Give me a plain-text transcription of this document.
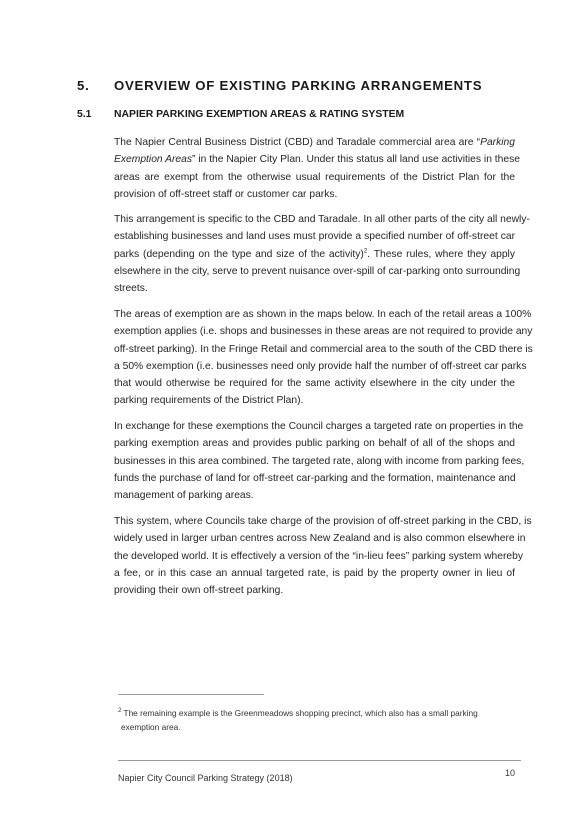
5. OVERVIEW OF EXISTING PARKING ARRANGEMENTS
5.1 NAPIER PARKING EXEMPTION AREAS & RATING SYSTEM
The Napier Central Business District (CBD) and Taradale commercial area are “Parking
Exemption Areas” in the Napier City Plan. Under this status all land use activities in these
areas are exempt from the otherwise usual requirements of the District Plan for the
provision of off-street staff or customer car parks.
This arrangement is specific to the CBD and Taradale. In all other parts of the city all newly-
establishing businesses and land uses must provide a specified number of off-street car
parks (depending on the type and size of the activity)$^2$. These rules, where they apply
elsewhere in the city, serve to prevent nuisance over-spill of car-parking onto surrounding
streets.
The areas of exemption are as shown in the maps below. In each of the retail areas a 100%
exemption applies (i.e. shops and businesses in these areas are not required to provide any
off-street parking). In the Fringe Retail and commercial area to the south of the CBD there is
a 50% exemption (i.e. businesses need only provide half the number of off-street car parks
that would otherwise be required for the same activity elsewhere in the city under the
parking requirements of the District Plan).
In exchange for these exemptions the Council charges a targeted rate on properties in the
parking exemption areas and provides public parking on behalf of all of the shops and
businesses in this area combined. The targeted rate, along with income from parking fees,
funds the purchase of land for off-street car-parking and the formation, maintenance and
management of parking areas.
This system, where Councils take charge of the provision of off-street parking in the CBD, is
widely used in larger urban centres across New Zealand and is also common elsewhere in
the developed world. It is effectively a version of the “in-lieu fees” parking system whereby
a fee, or in this case an annual targeted rate, is paid by the property owner in lieu of
providing their own off-street parking.
$^2$ The remaining example is the Greenmeadows shopping precinct, which also has a small parking
exemption area.
Napier City Council Parking Strategy (2018)	10
